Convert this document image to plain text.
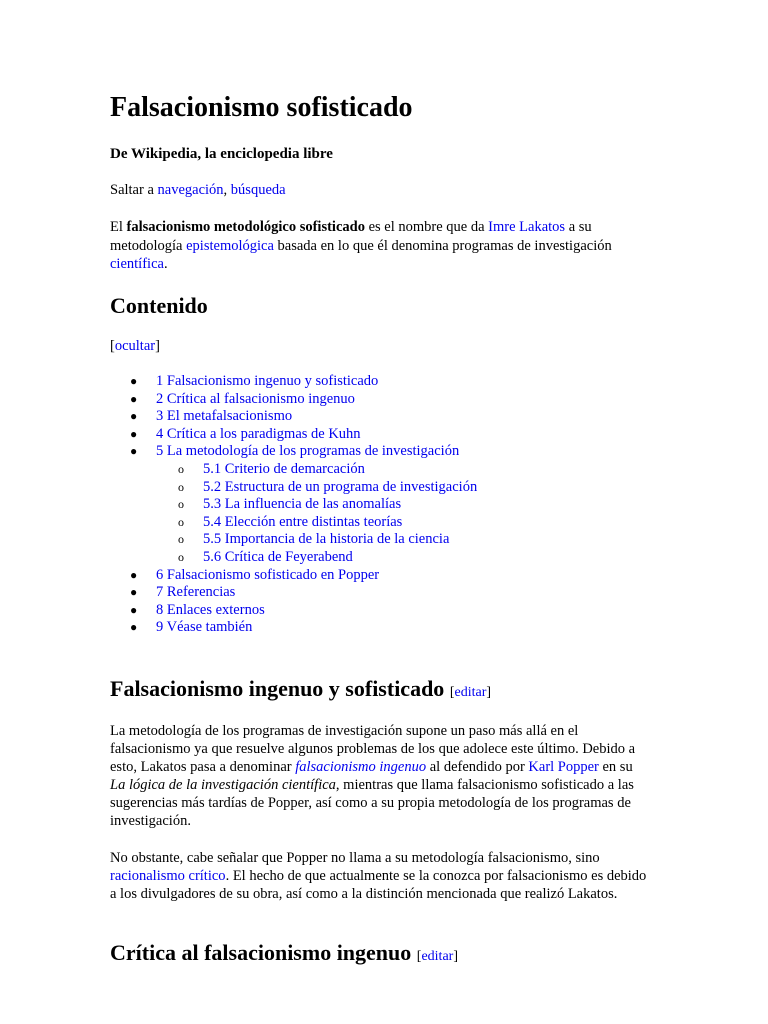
Falsacionismo sofisticado
De Wikipedia, la enciclopedia libre
Saltar a navegación, búsqueda

El falsacionismo metodológico sofisticado es el nombre que da Imre Lakatos a su metodología epistemológica basada en lo que él denomina programas de investigación científica.

Contenido
[ocultar]
● 1 Falsacionismo ingenuo y sofisticado
● 2 Crítica al falsacionismo ingenuo
● 3 El metafalsacionismo
● 4 Crítica a los paradigmas de Kuhn
● 5 La metodología de los programas de investigación
o 5.1 Criterio de demarcación
o 5.2 Estructura de un programa de investigación
o 5.3 La influencia de las anomalías
o 5.4 Elección entre distintas teorías
o 5.5 Importancia de la historia de la ciencia
o 5.6 Crítica de Feyerabend
● 6 Falsacionismo sofisticado en Popper
● 7 Referencias
● 8 Enlaces externos
● 9 Véase también
Falsacionismo ingenuo y sofisticado [editar]

La metodología de los programas de investigación supone un paso más allá en el falsacionismo ya que resuelve algunos problemas de los que adolece este último. Debido a esto, Lakatos pasa a denominar falsacionismo ingenuo al defendido por Karl Popper en su La lógica de la investigación científica, mientras que llama falsacionismo sofisticado a las sugerencias más tardías de Popper, así como a su propia metodología de los programas de investigación.

No obstante, cabe señalar que Popper no llama a su metodología falsacionismo, sino racionalismo crítico. El hecho de que actualmente se la conozca por falsacionismo es debido a los divulgadores de su obra, así como a la distinción mencionada que realizó Lakatos.

Crítica al falsacionismo ingenuo [editar]
